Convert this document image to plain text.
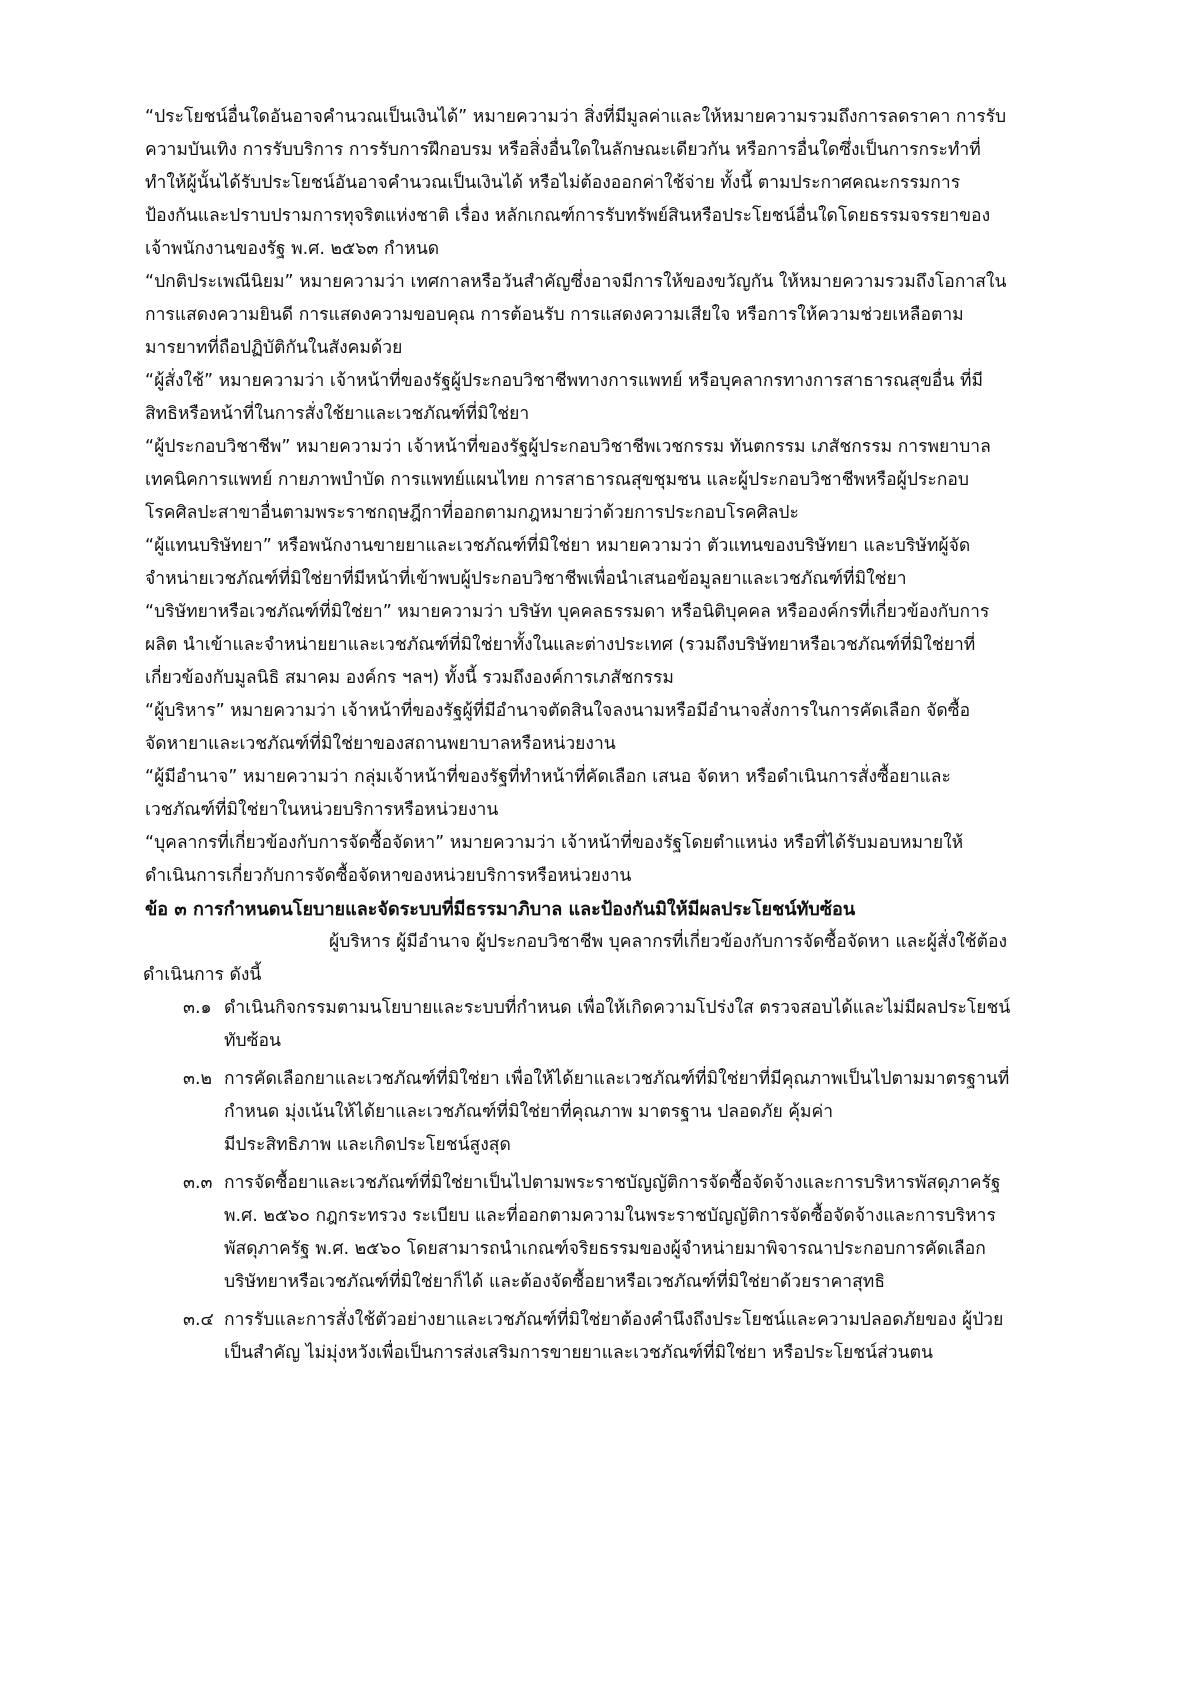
“ประโยชน์อื่นใดอันอาจคำนวณเป็นเงินได้” หมายความว่า สิ่งที่มีมูลค่าและให้หมายความรวมถึงการลดราคา การรับ
ความบันเทิง การรับบริการ การรับการฝึกอบรม หรือสิ่งอื่นใดในลักษณะเดียวกัน หรือการอื่นใดซึ่งเป็นการกระทำที่
ทำให้ผู้นั้นได้รับประโยชน์อันอาจคำนวณเป็นเงินได้ หรือไม่ต้องออกค่าใช้จ่าย ทั้งนี้ ตามประกาศคณะกรรมการ
ป้องกันและปราบปรามการทุจริตแห่งชาติ เรื่อง หลักเกณฑ์การรับทรัพย์สินหรือประโยชน์อื่นใดโดยธรรมจรรยาของ
เจ้าพนักงานของรัฐ พ.ศ. ๒๕๖๓ กำหนด
“ปกติประเพณีนิยม” หมายความว่า เทศกาลหรือวันสำคัญซึ่งอาจมีการให้ของขวัญกัน ให้หมายความรวมถึงโอกาสใน
การแสดงความยินดี การแสดงความขอบคุณ การต้อนรับ การแสดงความเสียใจ หรือการให้ความช่วยเหลือตาม
มารยาทที่ถือปฏิบัติกันในสังคมด้วย
“ผู้สั่งใช้” หมายความว่า เจ้าหน้าที่ของรัฐผู้ประกอบวิชาชีพทางการแพทย์ หรือบุคลากรทางการสาธารณสุขอื่น ที่มี
สิทธิหรือหน้าที่ในการสั่งใช้ยาและเวชภัณฑ์ที่มิใช่ยา
“ผู้ประกอบวิชาชีพ” หมายความว่า เจ้าหน้าที่ของรัฐผู้ประกอบวิชาชีพเวชกรรม ทันตกรรม เภสัชกรรม การพยาบาล
เทคนิคการแพทย์ กายภาพบำบัด การแพทย์แผนไทย การสาธารณสุขชุมชน และผู้ประกอบวิชาชีพหรือผู้ประกอบ
โรคศิลปะสาขาอื่นตามพระราชกฤษฎีกาที่ออกตามกฎหมายว่าด้วยการประกอบโรคศิลปะ
“ผู้แทนบริษัทยา” หรือพนักงานขายยาและเวชภัณฑ์ที่มิใช่ยา หมายความว่า ตัวแทนของบริษัทยา และบริษัทผู้จัด
จำหน่ายเวชภัณฑ์ที่มิใช่ยาที่มีหน้าที่เข้าพบผู้ประกอบวิชาชีพเพื่อนำเสนอข้อมูลยาและเวชภัณฑ์ที่มิใช่ยา
“บริษัทยาหรือเวชภัณฑ์ที่มิใช่ยา” หมายความว่า บริษัท บุคคลธรรมดา หรือนิติบุคคล หรือองค์กรที่เกี่ยวข้องกับการ
ผลิต นำเข้าและจำหน่ายยาและเวชภัณฑ์ที่มิใช่ยาทั้งในและต่างประเทศ (รวมถึงบริษัทยาหรือเวชภัณฑ์ที่มิใช่ยาที่
เกี่ยวข้องกับมูลนิธิ สมาคม องค์กร ฯลฯ) ทั้งนี้ รวมถึงองค์การเภสัชกรรม
“ผู้บริหาร” หมายความว่า เจ้าหน้าที่ของรัฐผู้ที่มีอำนาจตัดสินใจลงนามหรือมีอำนาจสั่งการในการคัดเลือก จัดซื้อ
จัดหายาและเวชภัณฑ์ที่มิใช่ยาของสถานพยาบาลหรือหน่วยงาน
“ผู้มีอำนาจ” หมายความว่า กลุ่มเจ้าหน้าที่ของรัฐที่ทำหน้าที่คัดเลือก เสนอ จัดหา หรือดำเนินการสั่งซื้อยาและ
เวชภัณฑ์ที่มิใช่ยาในหน่วยบริการหรือหน่วยงาน
“บุคลากรที่เกี่ยวข้องกับการจัดซื้อจัดหา” หมายความว่า เจ้าหน้าที่ของรัฐโดยตำแหน่ง หรือที่ได้รับมอบหมายให้
ดำเนินการเกี่ยวกับการจัดซื้อจัดหาของหน่วยบริการหรือหน่วยงาน
ข้อ ๓ การกำหนดนโยบายและจัดระบบที่มีธรรมาภิบาล และป้องกันมิให้มีผลประโยชน์ทับซ้อน
ผู้บริหาร ผู้มีอำนาจ ผู้ประกอบวิชาชีพ บุคลากรที่เกี่ยวข้องกับการจัดซื้อจัดหา และผู้สั่งใช้ต้อง
ดำเนินการ ดังนี้
๓.๑ ดำเนินกิจกรรมตามนโยบายและระบบที่กำหนด เพื่อให้เกิดความโปร่งใส ตรวจสอบได้และไม่มีผลประโยชน์
ทับซ้อน
๓.๒ การคัดเลือกยาและเวชภัณฑ์ที่มิใช่ยา เพื่อให้ได้ยาและเวชภัณฑ์ที่มิใช่ยาที่มีคุณภาพเป็นไปตามมาตรฐานที่
กำหนด มุ่งเน้นให้ได้ยาและเวชภัณฑ์ที่มิใช่ยาที่คุณภาพ มาตรฐาน ปลอดภัย คุ้มค่า
มีประสิทธิภาพ และเกิดประโยชน์สูงสุด
๓.๓ การจัดซื้อยาและเวชภัณฑ์ที่มิใช่ยาเป็นไปตามพระราชบัญญัติการจัดซื้อจัดจ้างและการบริหารพัสดุภาครัฐ
พ.ศ. ๒๕๖๐ กฎกระทรวง ระเบียบ และที่ออกตามความในพระราชบัญญัติการจัดซื้อจัดจ้างและการบริหาร
พัสดุภาครัฐ พ.ศ. ๒๕๖๐ โดยสามารถนำเกณฑ์จริยธรรมของผู้จำหน่ายมาพิจารณาประกอบการคัดเลือก
บริษัทยาหรือเวชภัณฑ์ที่มิใช่ยาก็ได้ และต้องจัดซื้อยาหรือเวชภัณฑ์ที่มิใช่ยาด้วยราคาสุทธิ
๓.๔ การรับและการสั่งใช้ตัวอย่างยาและเวชภัณฑ์ที่มิใช่ยาต้องคำนึงถึงประโยชน์และความปลอดภัยของ ผู้ป่วย
เป็นสำคัญ ไม่มุ่งหวังเพื่อเป็นการส่งเสริมการขายยาและเวชภัณฑ์ที่มิใช่ยา หรือประโยชน์ส่วนตน
